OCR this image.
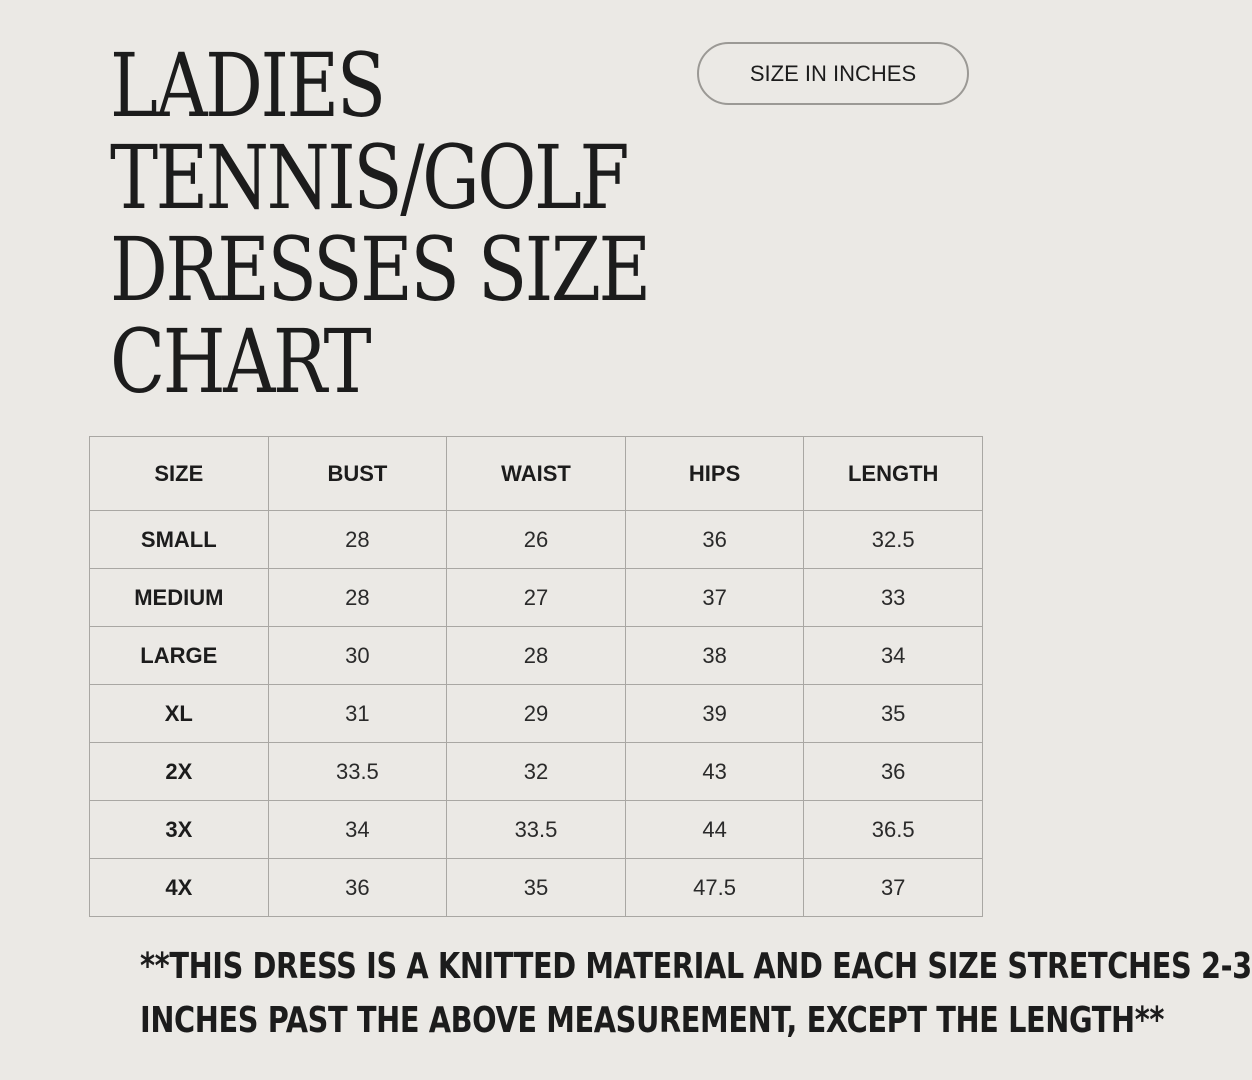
LADIES
TENNIS/GOLF
DRESSES SIZE
CHART
SIZE IN INCHES
SIZE	BUST	WAIST	HIPS	LENGTH
SMALL	28	26	36	32.5
MEDIUM	28	27	37	33
LARGE	30	28	38	34
XL	31	29	39	35
2X	33.5	32	43	36
3X	34	33.5	44	36.5
4X	36	35	47.5	37

**THIS DRESS IS A KNITTED MATERIAL AND EACH SIZE STRETCHES 2-3
INCHES PAST THE ABOVE MEASUREMENT, EXCEPT THE LENGTH**
